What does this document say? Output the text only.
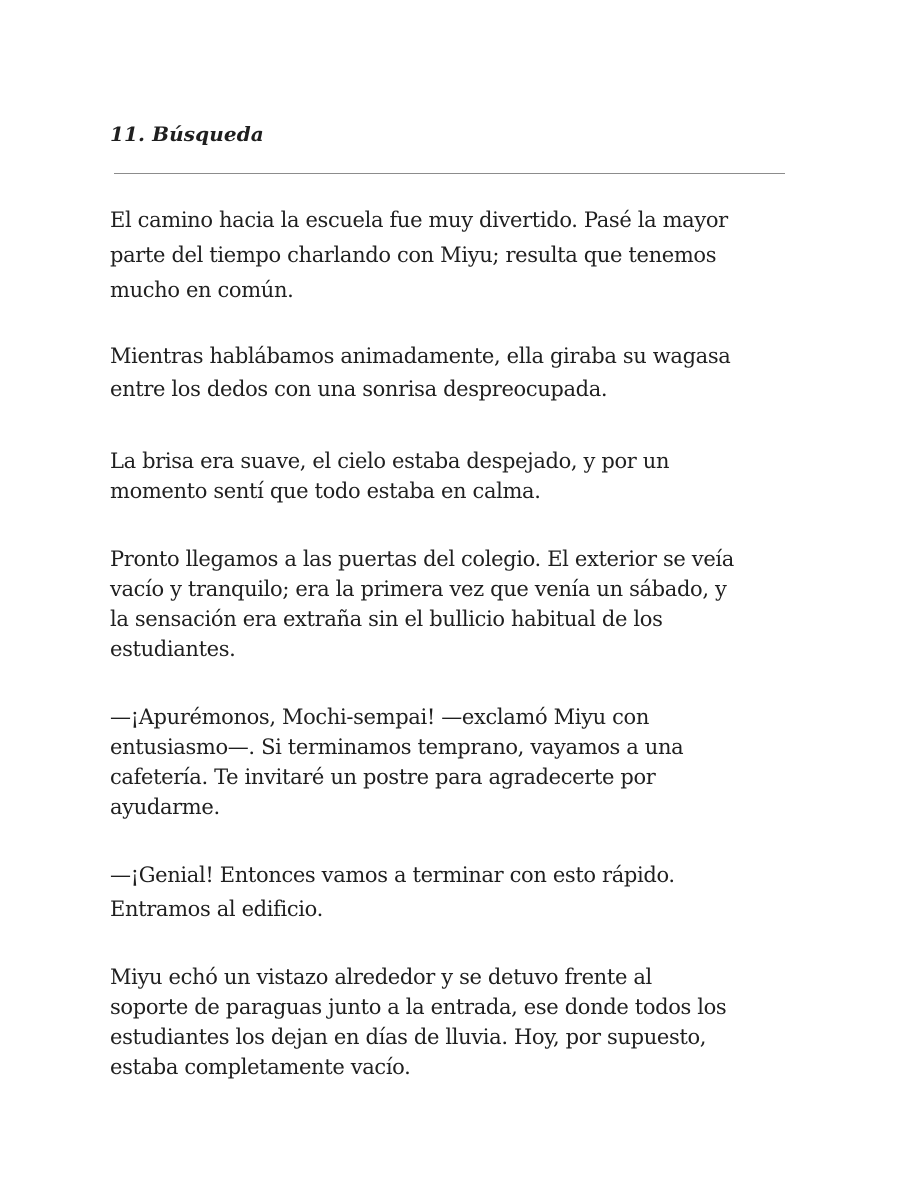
11. Búsqueda

El camino hacia la escuela fue muy divertido. Pasé la mayor
parte del tiempo charlando con Miyu; resulta que tenemos
mucho en común.

Mientras hablábamos animadamente, ella giraba su wagasa
entre los dedos con una sonrisa despreocupada.

La brisa era suave, el cielo estaba despejado, y por un
momento sentí que todo estaba en calma.

Pronto llegamos a las puertas del colegio. El exterior se veía
vacío y tranquilo; era la primera vez que venía un sábado, y
la sensación era extraña sin el bullicio habitual de los
estudiantes.

—¡Apurémonos, Mochi-sempai! —exclamó Miyu con
entusiasmo—. Si terminamos temprano, vayamos a una
cafetería. Te invitaré un postre para agradecerte por
ayudarme.

—¡Genial! Entonces vamos a terminar con esto rápido.
Entramos al edificio.

Miyu echó un vistazo alrededor y se detuvo frente al
soporte de paraguas junto a la entrada, ese donde todos los
estudiantes los dejan en días de lluvia. Hoy, por supuesto,
estaba completamente vacío.
